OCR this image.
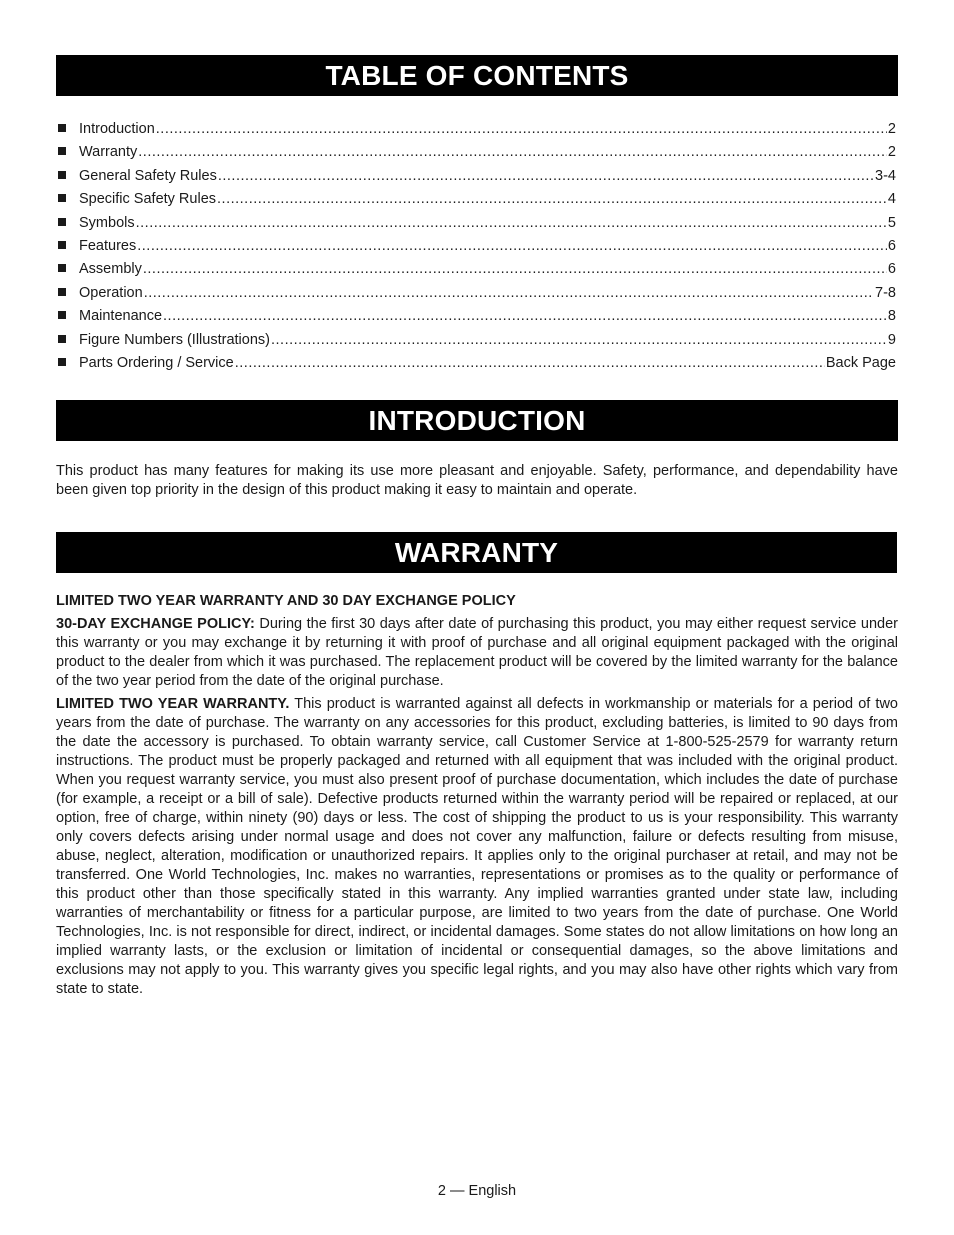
TABLE OF CONTENTS
Introduction .....	2
Warranty .....	2
General Safety Rules .....	3-4
Specific Safety Rules .....	4
Symbols .....	5
Features .....	6
Assembly .....	6
Operation .....	7-8
Maintenance .....	8
Figure Numbers (Illustrations) .....	9
Parts Ordering / Service .....	Back Page
INTRODUCTION

This product has many features for making its use more pleasant and enjoyable. Safety, performance, and dependability have been given top priority in the design of this product making it easy to maintain and operate.

WARRANTY

LIMITED TWO YEAR WARRANTY AND 30 DAY EXCHANGE POLICY

30-DAY EXCHANGE POLICY: During the first 30 days after date of purchasing this product, you may either request service under this warranty or you may exchange it by returning it with proof of purchase and all original equipment packaged with the original product to the dealer from which it was purchased. The replacement product will be covered by the limited warranty for the balance of the two year period from the date of the original purchase.

LIMITED TWO YEAR WARRANTY. This product is warranted against all defects in workmanship or materials for a period of two years from the date of purchase. The warranty on any accessories for this product, excluding batteries, is limited to 90 days from the date the accessory is purchased. To obtain warranty service, call Customer Service at 1-800-525-2579 for warranty return instructions. The product must be properly packaged and returned with all equipment that was included with the original product. When you request warranty service, you must also present proof of purchase documentation, which includes the date of purchase (for example, a receipt or a bill of sale). Defective products returned within the warranty period will be repaired or replaced, at our option, free of charge, within ninety (90) days or less. The cost of shipping the product to us is your responsibility. This warranty only covers defects arising under normal usage and does not cover any malfunction, failure or defects resulting from misuse, abuse, neglect, alteration, modification or unauthorized repairs. It applies only to the original purchaser at retail, and may not be transferred. One World Technologies, Inc. makes no warranties, representations or promises as to the quality or performance of this product other than those specifically stated in this warranty. Any implied warranties granted under state law, including warranties of merchantability or fitness for a particular purpose, are limited to two years from the date of purchase. One World Technologies, Inc. is not responsible for direct, indirect, or incidental damages. Some states do not allow limitations on how long an implied warranty lasts, or the exclusion or limitation of incidental or consequential damages, so the above limitations and exclusions may not apply to you. This warranty gives you specific legal rights, and you may also have other rights which vary from state to state.

2 — English
